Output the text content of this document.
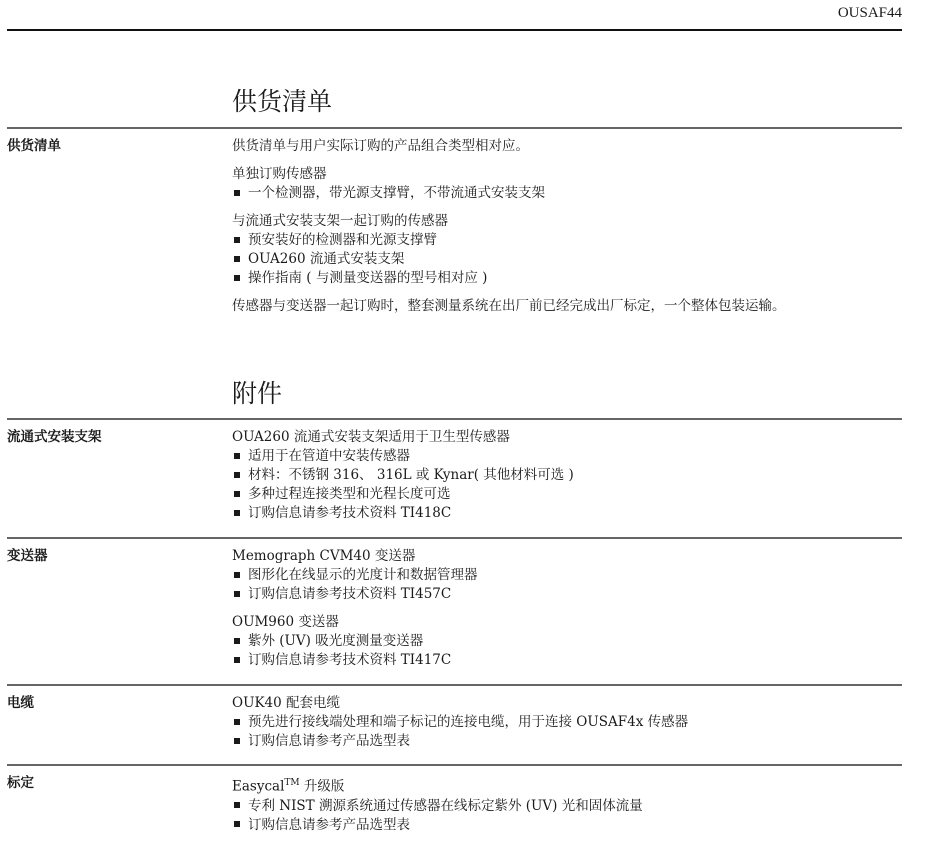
OUSAF44
供货清单
附件
供货清单	供货清单与用户实际订购的产品组合类型相对应。
单独订购传感器
一个检测器，带光源支撑臂，不带流通式安装支架
与流通式安装支架一起订购的传感器
预安装好的检测器和光源支撑臂
OUA260 流通式安装支架
操作指南 ( 与测量变送器的型号相对应 )
传感器与变送器一起订购时，整套测量系统在出厂前已经完成出厂标定，一个整体包装运输。
流通式安装支架	OUA260 流通式安装支架适用于卫生型传感器
适用于在管道中安装传感器
材料：不锈钢 316、 316L 或 Kynar( 其他材料可选 )
多种过程连接类型和光程长度可选
订购信息请参考技术资料 TI418C
变送器	Memograph CVM40 变送器
图形化在线显示的光度计和数据管理器
订购信息请参考技术资料 TI457C
OUM960 变送器
紫外 (UV) 吸光度测量变送器
订购信息请参考技术资料 TI417C
电缆	OUK40 配套电缆
预先进行接线端处理和端子标记的连接电缆，用于连接 OUSAF4x 传感器
订购信息请参考产品选型表
标定	Easycal™ 升级版
专利 NIST 溯源系统通过传感器在线标定紫外 (UV) 光和固体流量
订购信息请参考产品选型表
